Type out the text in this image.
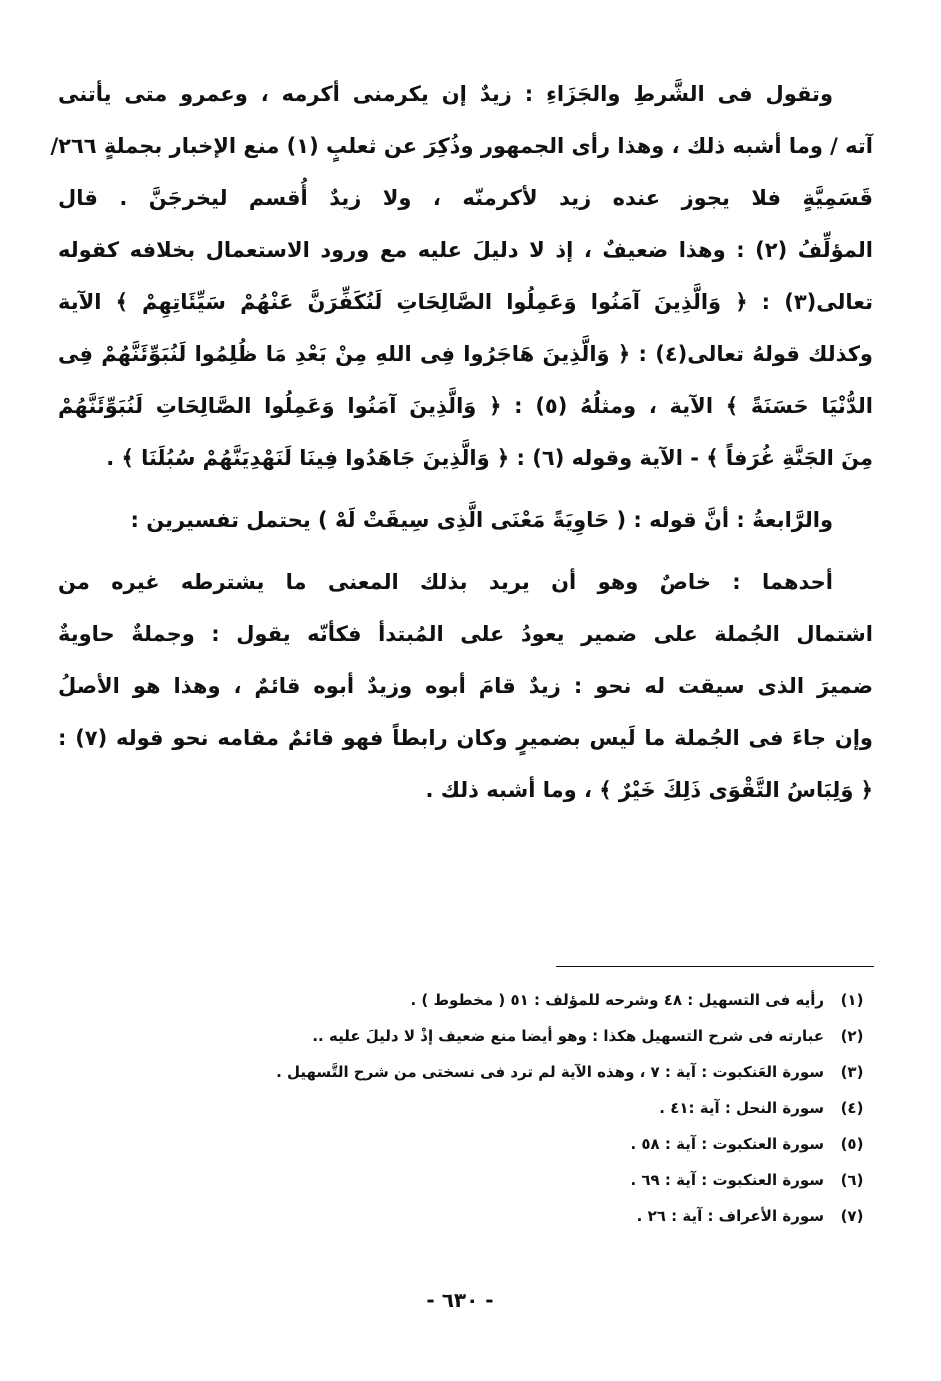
وتقول فى الشَّرطِ والجَزَاءِ : زيدٌ إن يكرمنى أكرمه ، وعمرو متى يأتنى
آته / وما أشبه ذلك ، وهذا رأى الجمهور وذُكِرَ عن ثعلبٍ (١) منع الإخبار بجملةٍ ٢٦٦/
قَسَمِيَّةٍ فلا يجوز عنده زيد لأكرمنّه ، ولا زيدٌ أُقسم ليخرجَنَّ . قال
المؤلِّفُ (٢) : وهذا ضعيفٌ ، إذ لا دليلَ عليه مع ورود الاستعمال بخلافه كقوله
تعالى(٣) : ﴿ وَالَّذِينَ آمَنُوا وَعَمِلُوا الصَّالِحَاتِ لَنُكَفِّرَنَّ عَنْهُمْ سَيِّئَاتِهِمْ ﴾ الآية
وكذلك قولهُ تعالى(٤) : ﴿ وَالَّذِينَ هَاجَرُوا فِى اللهِ مِنْ بَعْدِ مَا ظُلِمُوا لَنُبَوِّئَنَّهُمْ فِى
الدُّنْيَا حَسَنَةً ﴾ الآية ، ومثلُهُ (٥) : ﴿ وَالَّذِينَ آمَنُوا وَعَمِلُوا الصَّالِحَاتِ لَنُبَوِّئَنَّهُمْ
مِنَ الجَنَّةِ غُرَفاً ﴾ - الآية وقوله (٦) : ﴿ وَالَّذِينَ جَاهَدُوا فِينَا لَنَهْدِيَنَّهُمْ سُبُلَنَا ﴾ .
والرَّابعةُ : أنَّ قوله : ( حَاوِيَةً مَعْنَى الَّذِى سِيقَتْ لَهْ ) يحتمل تفسيرين :
أحدهما : خاصٌ وهو أن يريد بذلك المعنى ما يشترطه غيره من
اشتمال الجُملة على ضمير يعودُ على المُبتدأ فكأنّه يقول : وجملةٌ حاويةٌ
ضميرَ الذى سيقت له نحو : زيدٌ قامَ أبوه وزيدٌ أبوه قائمٌ ، وهذا هو الأصلُ
وإن جاءَ فى الجُملة ما لَيس بضميرٍ وكان رابطاً فهو قائمٌ مقامه نحو قوله (٧) :
﴿ وَلِبَاسُ التَّقْوَى ذَلِكَ خَيْرٌ ﴾ ، وما أشبه ذلك .
(١)
رأيه فى التسهيل : ٤٨ وشرحه للمؤلف : ٥١ ( مخطوط ) .
(٢)
عبارته فى شرح التسهيل هكذا : وهو أيضا منع ضعيف إذْ لا دليلَ عليه ..
(٣)
سورة العَنكبوت : آية : ٧ ، وهذه الآية لم ترد فى نسختى من شرح التَّسهيل .
(٤)
سورة النحل : آية :٤١ .
(٥)
سورة العنكبوت : آية : ٥٨ .
(٦)
سورة العنكبوت : آية : ٦٩ .
(٧)
سورة الأعراف : آية : ٢٦ .
- ٦٣٠ -
